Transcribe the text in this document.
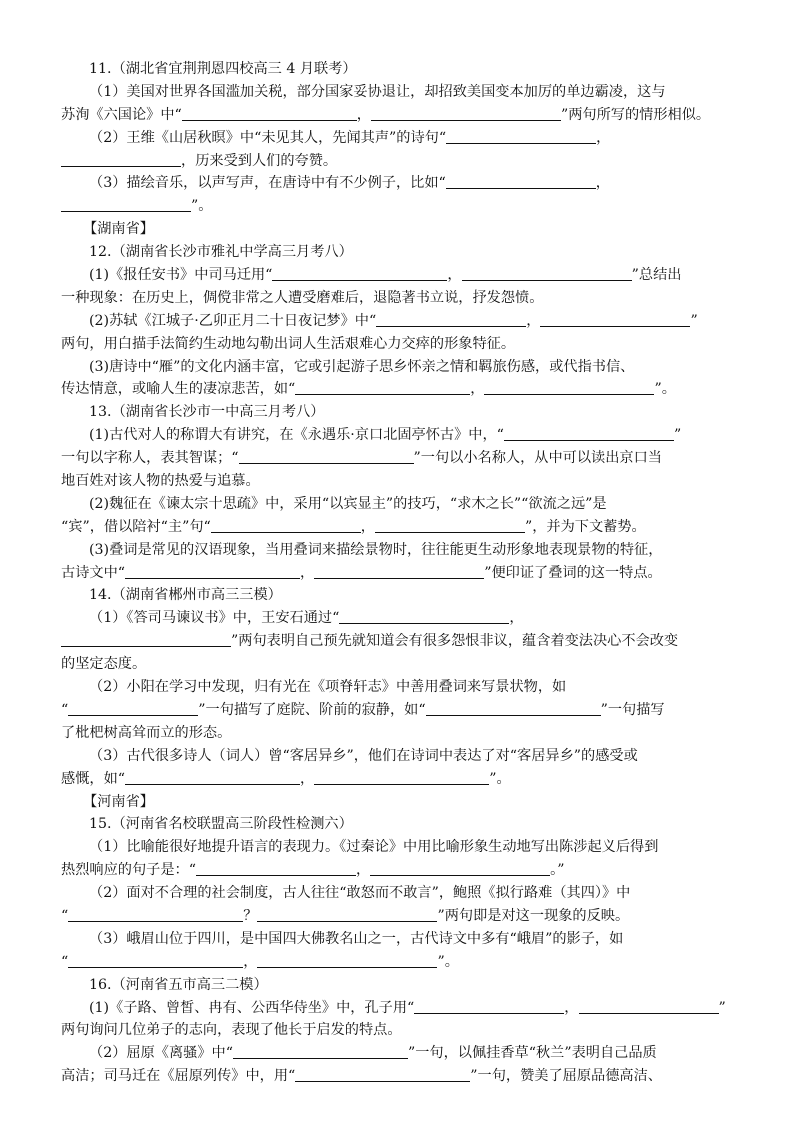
11.（湖北省宜荆荆恩四校高三 4 月联考）
（1）美国对世界各国滥加关税，部分国家妥协退让，却招致美国变本加厉的单边霸凌，这与
苏洵《六国论》中“	，	”两句所写的情形相似。
（2）王维《山居秋暝》中“未见其人，先闻其声”的诗句“	，
，历来受到人们的夸赞。
（3）描绘音乐，以声写声，在唐诗中有不少例子，比如“	，
”。
【湖南省】
12.（湖南省长沙市雅礼中学高三月考八）
(1)《报任安书》中司马迁用“	，	”总结出
一种现象：在历史上，倜傥非常之人遭受磨难后，退隐著书立说，抒发怨愤。
(2)苏轼《江城子·乙卯正月二十日夜记梦》中“	，	”
两句，用白描手法简约生动地勾勒出词人生活艰难心力交瘁的形象特征。
(3)唐诗中“雁”的文化内涵丰富，它或引起游子思乡怀亲之情和羁旅伤感，或代指书信、
传达情意，或喻人生的凄凉悲苦，如“	，	”。
13.（湖南省长沙市一中高三月考八）
(1)古代对人的称谓大有讲究，在《永遇乐·京口北固亭怀古》中，“	”
一句以字称人，表其智谋；“	”一句以小名称人，从中可以读出京口当
地百姓对该人物的热爱与追慕。
(2)魏征在《谏太宗十思疏》中，采用“以宾显主”的技巧，“求木之长”“欲流之远”是
“宾”，借以陪衬“主”句“	，	”，并为下文蓄势。
(3)叠词是常见的汉语现象，当用叠词来描绘景物时，往往能更生动形象地表现景物的特征，
古诗文中“	，	”便印证了叠词的这一特点。
14.（湖南省郴州市高三三模）
（1）《答司马谏议书》中，王安石通过“	，
”两句表明自己预先就知道会有很多怨恨非议，蕴含着变法决心不会改变
的坚定态度。
（2）小阳在学习中发现，归有光在《项脊轩志》中善用叠词来写景状物，如
“	”一句描写了庭院、阶前的寂静，如“	”一句描写
了枇杷树高耸而立的形态。
（3）古代很多诗人（词人）曾“客居异乡”，他们在诗词中表达了对“客居异乡”的感受或
感慨，如“	，	”。
【河南省】
15.（河南省名校联盟高三阶段性检测六）
（1）比喻能很好地提升语言的表现力。《过秦论》中用比喻形象生动地写出陈涉起义后得到
热烈响应的句子是：“	，	。”
（2）面对不合理的社会制度，古人往往“敢怒而不敢言”，鲍照《拟行路难（其四）》中
“	？	”两句即是对这一现象的反映。
（3）峨眉山位于四川，是中国四大佛教名山之一，古代诗文中多有“峨眉”的影子，如
“	，	”。
16.（河南省五市高三二模）
(1)《子路、曾皙、冉有、公西华侍坐》中，孔子用“	，	”
两句询问几位弟子的志向，表现了他长于启发的特点。
（2）屈原《离骚》中“	”一句，以佩挂香草“秋兰”表明自己品质
高洁；司马迁在《屈原列传》中，用“	”一句，赞美了屈原品德高洁、
